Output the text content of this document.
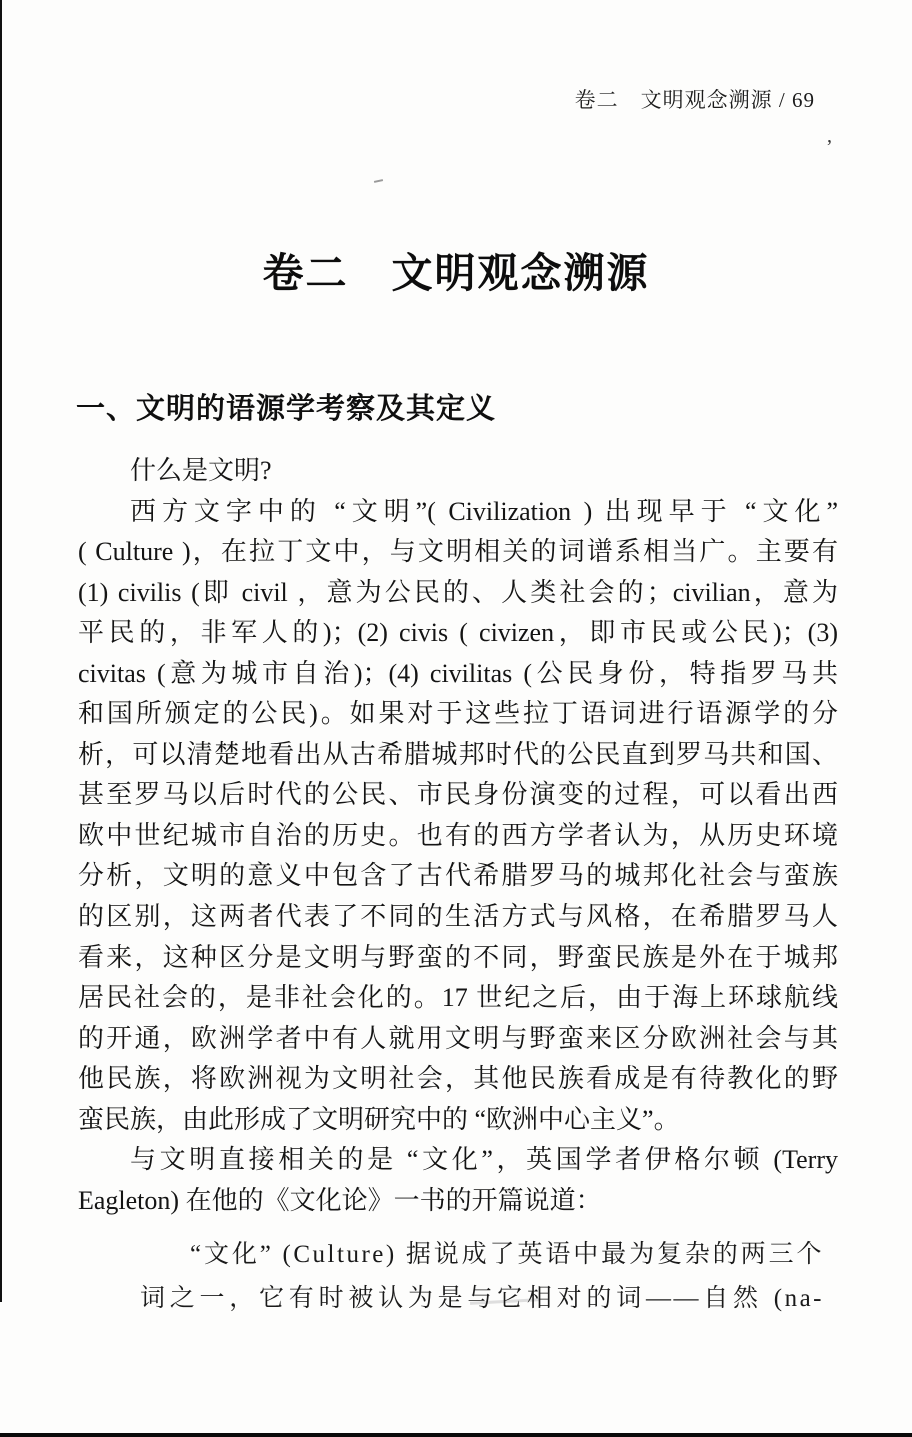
’
卷二　文明观念溯源 / 69
卷二　文明观念溯源
一、文明的语源学考察及其定义
什么是文明?
西方文字中的 “文明”( Civilization ) 出现早于 “文化”
( Culture )，在拉丁文中，与文明相关的词谱系相当广。主要有
(1) civilis (即 civil ，意为公民的、人类社会的；civilian，意为
平民的，非军人的)；(2) civis ( civizen，即市民或公民)；(3)
civitas (意为城市自治)；(4) civilitas (公民身份，特指罗马共
和国所颁定的公民)。如果对于这些拉丁语词进行语源学的分
析，可以清楚地看出从古希腊城邦时代的公民直到罗马共和国、
甚至罗马以后时代的公民、市民身份演变的过程，可以看出西
欧中世纪城市自治的历史。也有的西方学者认为，从历史环境
分析，文明的意义中包含了古代希腊罗马的城邦化社会与蛮族
的区别，这两者代表了不同的生活方式与风格，在希腊罗马人
看来，这种区分是文明与野蛮的不同，野蛮民族是外在于城邦
居民社会的，是非社会化的。17 世纪之后，由于海上环球航线
的开通，欧洲学者中有人就用文明与野蛮来区分欧洲社会与其
他民族，将欧洲视为文明社会，其他民族看成是有待教化的野
蛮民族，由此形成了文明研究中的 “欧洲中心主义”。
与文明直接相关的是 “文化”，英国学者伊格尔顿 (Terry
Eagleton) 在他的《文化论》一书的开篇说道：
“文化” (Culture) 据说成了英语中最为复杂的两三个
词之一，它有时被认为是与它相对的词——自然 (na-
